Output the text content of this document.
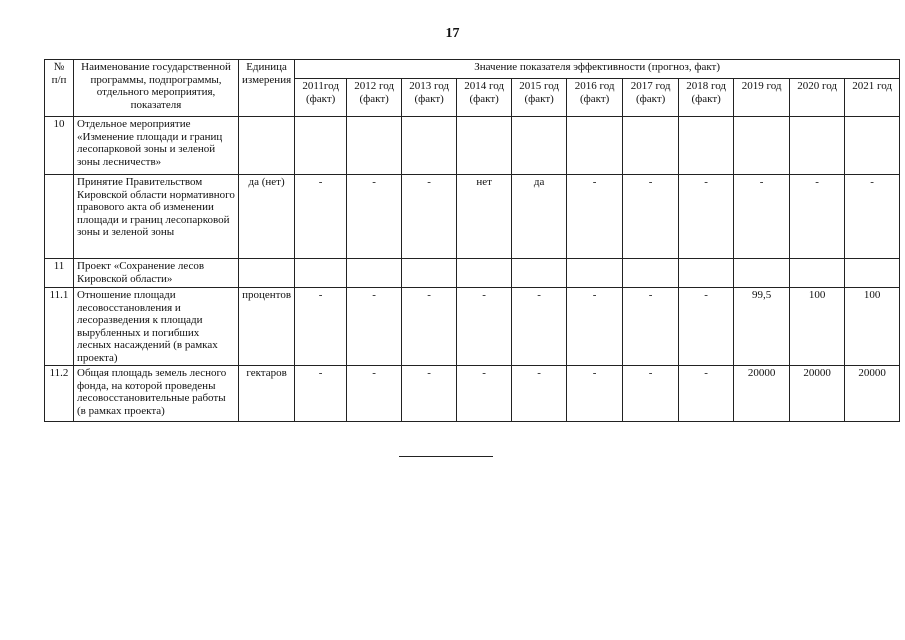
17
№ п/п	Наименование государственной программы, подпрограммы, отдельного мероприятия, показателя	Единица измерения	Значение показателя эффективности (прогноз, факт)										
			2011год (факт)	2012 год (факт)	2013 год (факт)	2014 год (факт)	2015 год (факт)	2016 год (факт)	2017 год (факт)	2018 год (факт)	2019 год	2020 год	2021 год
10	Отдельное мероприятие «Изменение площади и границ лесопарковой зоны и зеленой зоны лесничеств»												
	Принятие Правительством Кировской области нормативного правового акта об изменении площади и границ лесопарковой зоны и зеленой зоны	да (нет)	-	-	-	нет	да	-	-	-	-	-	-
11	Проект «Сохранение лесов Кировской области»												
11.1	Отношение площади лесовосстановления и лесоразведения к площади вырубленных и погибших лесных насаждений (в рамках проекта)	процентов	-	-	-	-	-	-	-	-	99,5	100	100
11.2	Общая площадь земель лесного фонда, на которой проведены лесовосстановительные работы (в рамках проекта)	гектаров	-	-	-	-	-	-	-	-	20000	20000	20000
